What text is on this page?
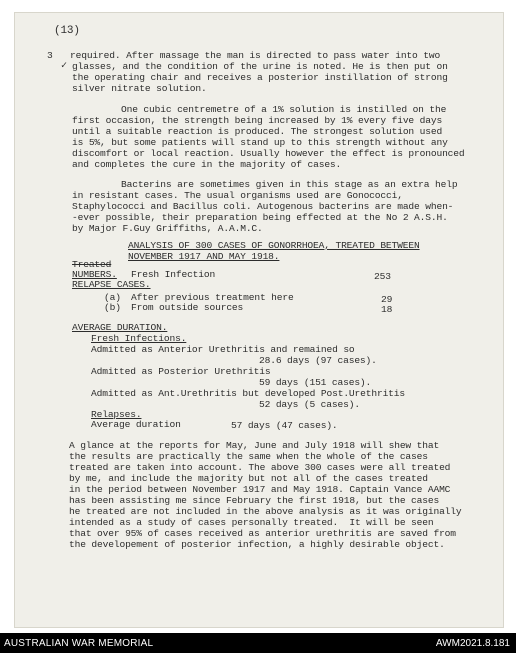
(13)
3
✓
required. After massage the man is directed to pass water into two
glasses, and the condition of the urine is noted. He is then put on
the operating chair and receives a posterior instillation of strong
silver nitrate solution.
One cubic centremetre of a 1% solution is instilled on the
first occasion, the strength being increased by 1% every five days
until a suitable reaction is produced. The strongest solution used
is 5%, but some patients will stand up to this strength without any
discomfort or local reaction. Usually however the effect is pronounced
and completes the cure in the majority of cases.
Bacterins are sometimes given in this stage as an extra help
in resistant cases. The usual organisms used are Gonococci,
Staphylococci and Bacillus coli. Autogenous bacterins are made when-
-ever possible, their preparation being effected at the No 2 A.S.H.
by Major F.Guy Griffiths, A.A.M.C.
ANALYSIS OF 300 CASES OF GONORRHOEA, TREATED BETWEEN
NOVEMBER 1917 AND MAY 1918.
Treated
NUMBERS. Fresh Infection	253
RELAPSE CASES.
(a) After previous treatment here	29
(b) From outside sources	18
AVERAGE DURATION.
Fresh Infections.
Admitted as Anterior Urethritis and remained so
28.6 days (97 cases).
Admitted as Posterior Urethritis
59 days (151 cases).
Admitted as Ant.Urethritis but developed Post.Urethritis
52 days (5 cases).
Relapses.
Average duration	57 days (47 cases).
A glance at the reports for May, June and July 1918 will shew that
the results are practically the same when the whole of the cases
treated are taken into account. The above 300 cases were all treated
by me, and include the majority but not all of the cases treated
in the period between November 1917 and May 1918. Captain Vance AAMC
has been assisting me since February the first 1918, but the cases
he treated are not included in the above analysis as it was originally
intended as a study of cases personally treated.  It will be seen
that over 95% of cases received as anterior urethritis are saved from
the developement of posterior infection, a highly desirable object.
AUSTRALIAN WAR MEMORIAL	AWM2021.8.181
